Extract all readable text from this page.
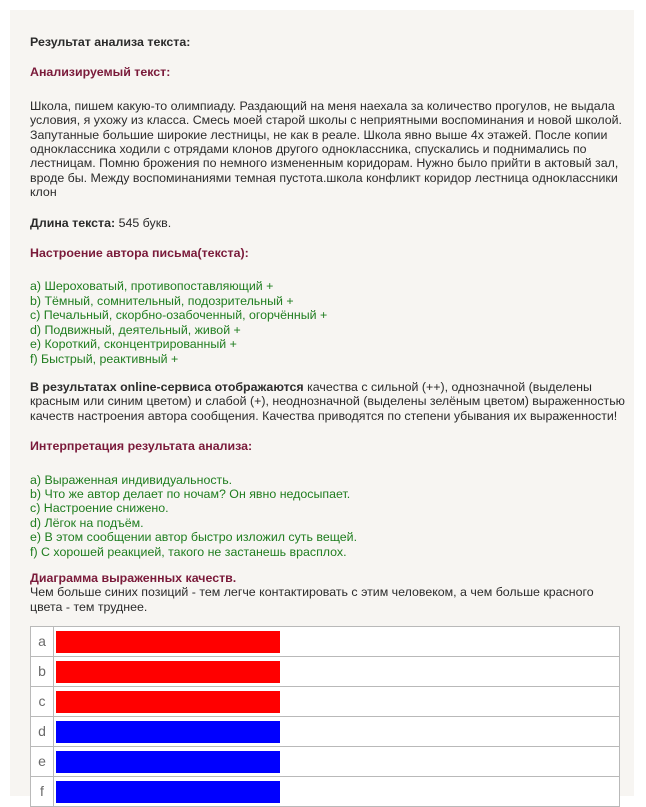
Результат анализа текста:

Анализируемый текст:

Школа, пишем какую-то олимпиаду. Раздающий на меня наехала за количество прогулов, не выдала условия, я ухожу из класса. Смесь моей старой школы с неприятными воспоминания и новой школой. Запутанные большие широкие лестницы, не как в реале. Школа явно выше 4х этажей. После копии одноклассника ходили с отрядами клонов другого одноклассника, спускались и поднимались по лестницам. Помню брожения по немного измененным коридорам. Нужно было прийти в актовый зал, вроде бы. Между воспоминаниями темная пустота.школа конфликт коридор лестница одноклассники клон

Длина текста: 545 букв.

Настроение автора письма(текста):

a) Шероховатый, противопоставляющий +
b) Тёмный, сомнительный, подозрительный +
c) Печальный, скорбно-озабоченный, огорчённый +
d) Подвижный, деятельный, живой +
e) Короткий, сконцентрированный +
f) Быстрый, реактивный +

В результатах online-сервиса отображаются качества с сильной (++), однозначной (выделены красным или синим цветом) и слабой (+), неоднозначной (выделены зелёным цветом) выраженностью качеств настроения автора сообщения. Качества приводятся по степени убывания их выраженности!

Интерпретация результата анализа:

a) Выраженная индивидуальность.
b) Что же автор делает по ночам? Он явно недосыпает.
c) Настроение снижено.
d) Лёгок на подъём.
e) В этом сообщении автор быстро изложил суть вещей.
f) С хорошей реакцией, такого не застанешь врасплох.

Диаграмма выраженных качеств.

Чем больше синих позиций - тем легче контактировать с этим человеком, а чем больше красного цвета - тем труднее.

a	

b	

c	

d	

e	

f	
